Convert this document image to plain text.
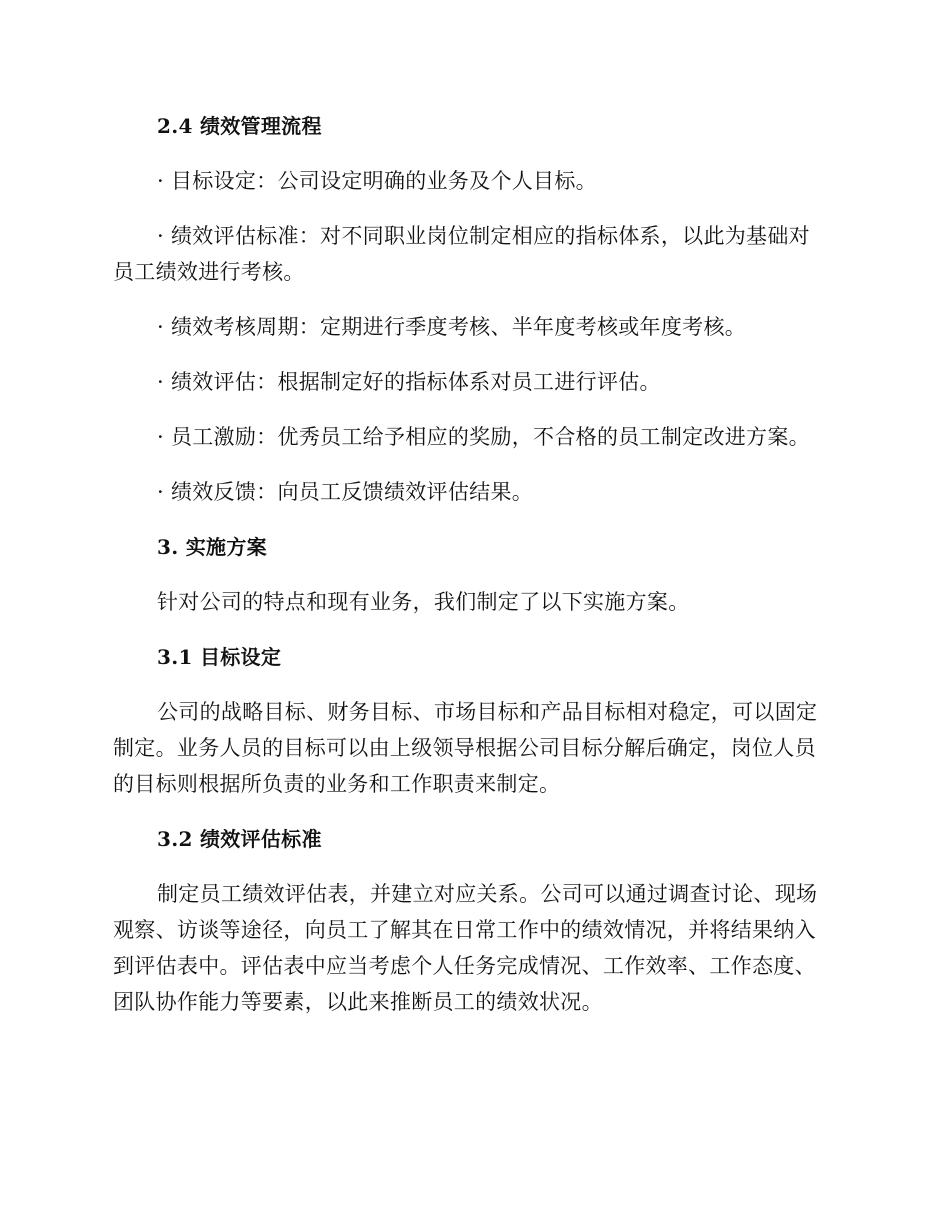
2.4 绩效管理流程
· 目标设定：公司设定明确的业务及个人目标。
· 绩效评估标准：对不同职业岗位制定相应的指标体系，以此为基础对员工绩效进行考核。
· 绩效考核周期：定期进行季度考核、半年度考核或年度考核。
· 绩效评估：根据制定好的指标体系对员工进行评估。
· 员工激励：优秀员工给予相应的奖励，不合格的员工制定改进方案。
· 绩效反馈：向员工反馈绩效评估结果。
3. 实施方案
针对公司的特点和现有业务，我们制定了以下实施方案。
3.1 目标设定
公司的战略目标、财务目标、市场目标和产品目标相对稳定，可以固定制定。业务人员的目标可以由上级领导根据公司目标分解后确定，岗位人员的目标则根据所负责的业务和工作职责来制定。
3.2 绩效评估标准
制定员工绩效评估表，并建立对应关系。公司可以通过调查讨论、现场观察、访谈等途径，向员工了解其在日常工作中的绩效情况，并将结果纳入到评估表中。评估表中应当考虑个人任务完成情况、工作效率、工作态度、团队协作能力等要素，以此来推断员工的绩效状况。
